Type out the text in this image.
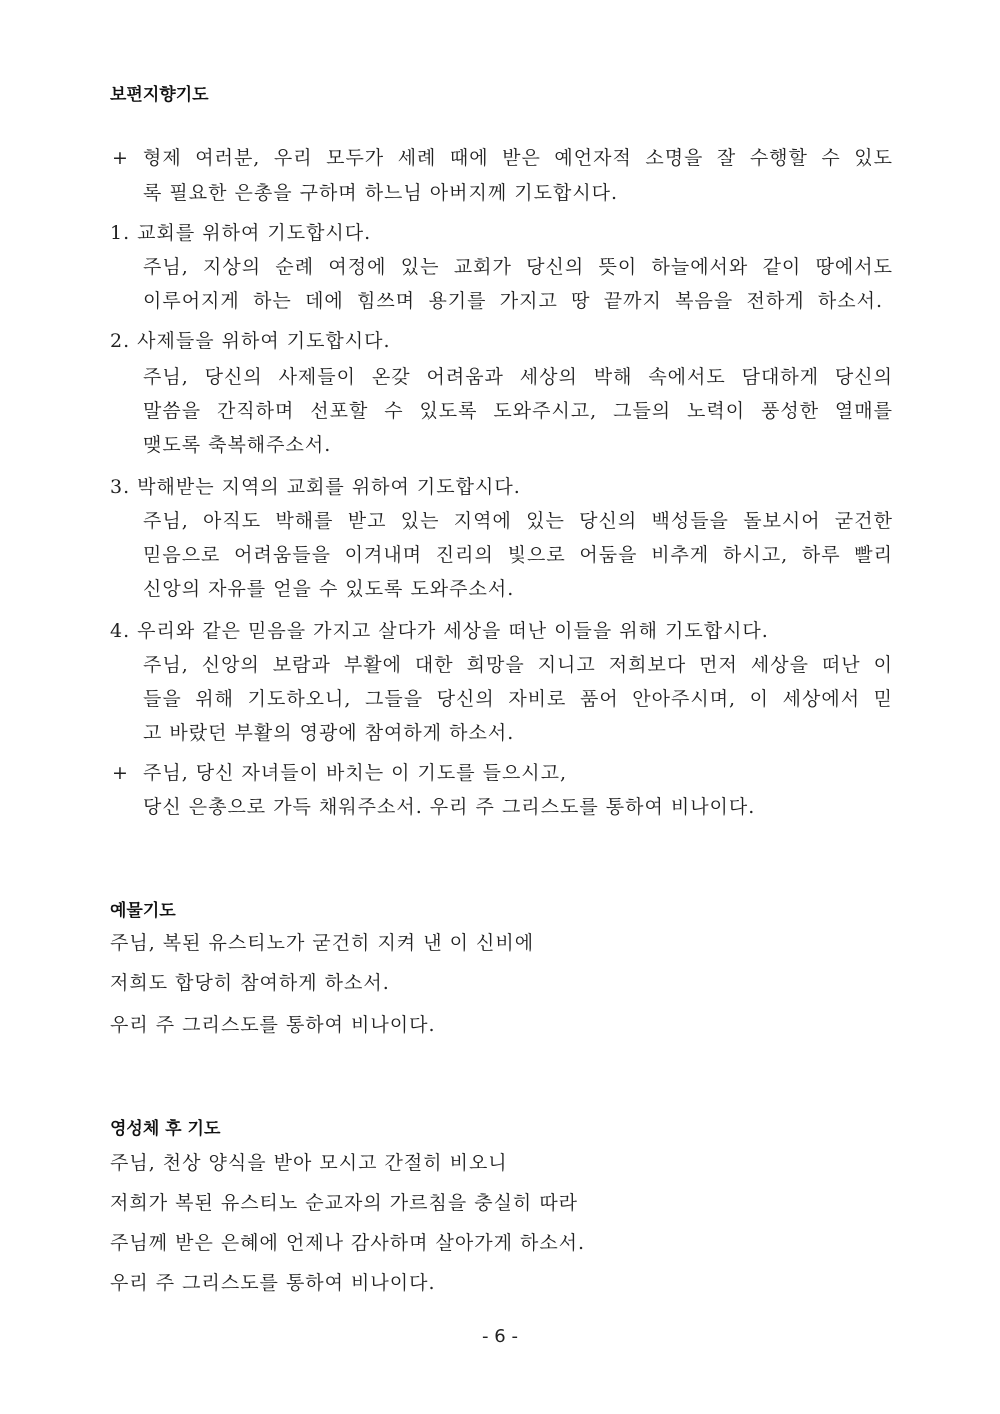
보편지향기도
+ 형제 여러분, 우리 모두가 세례 때에 받은 예언자적 소명을 잘 수행할 수 있도
록 필요한 은총을 구하며 하느님 아버지께 기도합시다.
1. 교회를 위하여 기도합시다.
주님, 지상의 순례 여정에 있는 교회가 당신의 뜻이 하늘에서와 같이 땅에서도
이루어지게 하는 데에 힘쓰며 용기를 가지고 땅 끝까지 복음을 전하게 하소서.
2. 사제들을 위하여 기도합시다.
주님, 당신의 사제들이 온갖 어려움과 세상의 박해 속에서도 담대하게 당신의
말씀을 간직하며 선포할 수 있도록 도와주시고, 그들의 노력이 풍성한 열매를
맺도록 축복해주소서.
3. 박해받는 지역의 교회를 위하여 기도합시다.
주님, 아직도 박해를 받고 있는 지역에 있는 당신의 백성들을 돌보시어 굳건한
믿음으로 어려움들을 이겨내며 진리의 빛으로 어둠을 비추게 하시고, 하루 빨리
신앙의 자유를 얻을 수 있도록 도와주소서.
4. 우리와 같은 믿음을 가지고 살다가 세상을 떠난 이들을 위해 기도합시다.
주님, 신앙의 보람과 부활에 대한 희망을 지니고 저희보다 먼저 세상을 떠난 이
들을 위해 기도하오니, 그들을 당신의 자비로 품어 안아주시며, 이 세상에서 믿
고 바랐던 부활의 영광에 참여하게 하소서.
+ 주님, 당신 자녀들이 바치는 이 기도를 들으시고,
당신 은총으로 가득 채워주소서. 우리 주 그리스도를 통하여 비나이다.
예물기도
주님, 복된 유스티노가 굳건히 지켜 낸 이 신비에
저희도 합당히 참여하게 하소서.
우리 주 그리스도를 통하여 비나이다.
영성체 후 기도
주님, 천상 양식을 받아 모시고 간절히 비오니
저희가 복된 유스티노 순교자의 가르침을 충실히 따라
주님께 받은 은혜에 언제나 감사하며 살아가게 하소서.
우리 주 그리스도를 통하여 비나이다.
- 6 -
